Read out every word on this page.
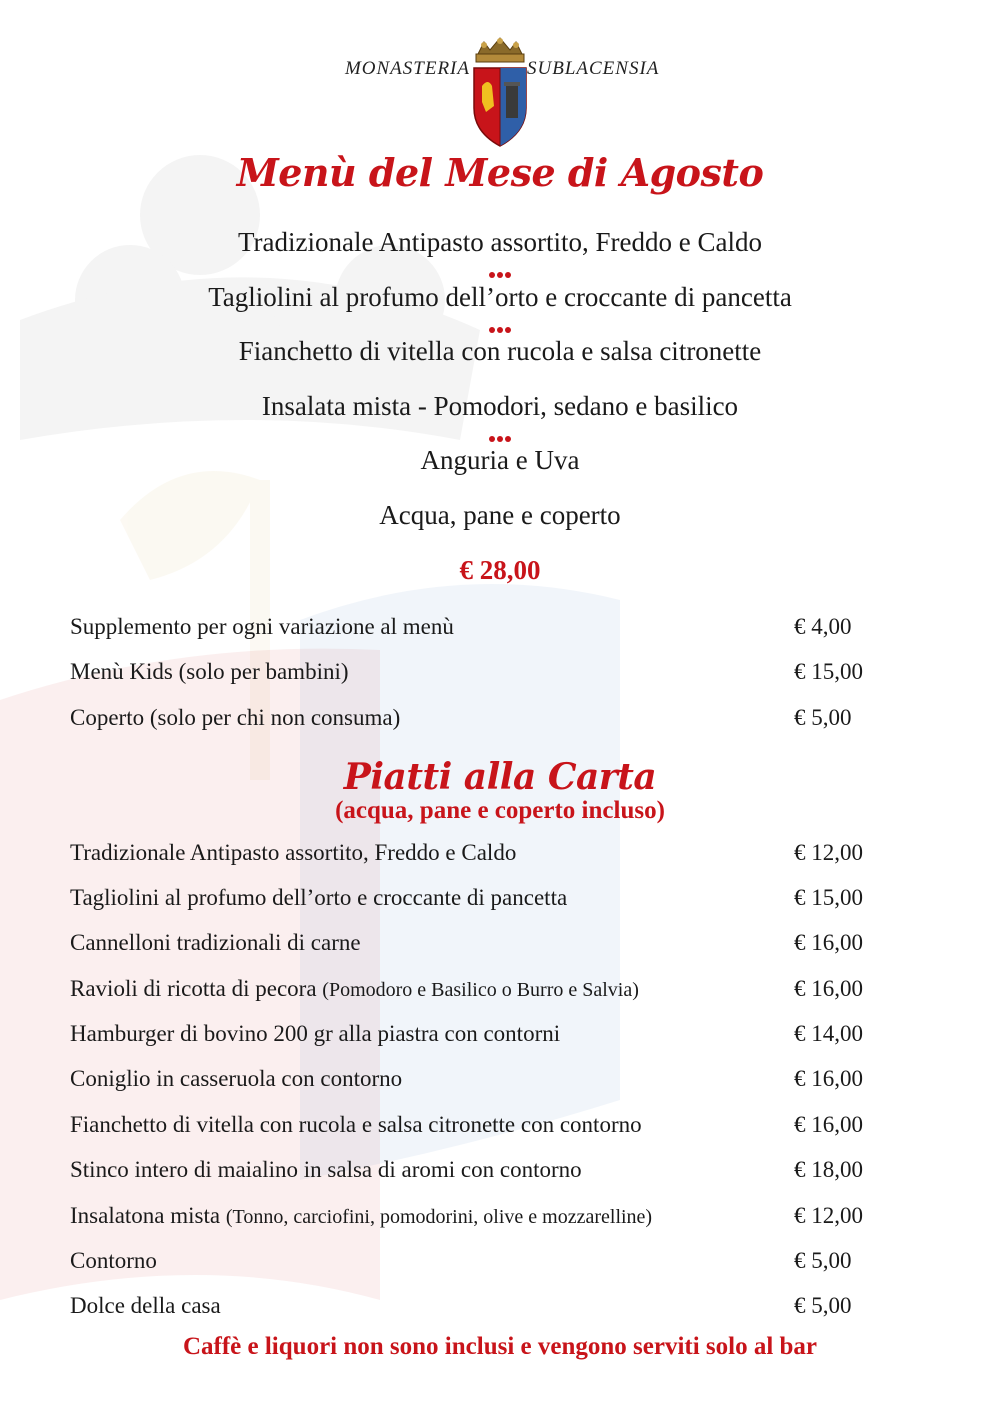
MONASTERIA	SUBLACENSIA
Menù del Mese di Agosto
Tradizionale Antipasto assortito, Freddo e Caldo
Tagliolini al profumo dell’orto e croccante di pancetta
Fianchetto di vitella con rucola e salsa citronette
Insalata mista - Pomodori, sedano e basilico
Anguria e Uva
Acqua, pane e coperto
€ 28,00
Supplemento per ogni variazione al menù	€ 4,00
Menù Kids (solo per bambini)	€ 15,00
Coperto (solo per chi non consuma)	€ 5,00
Piatti alla Carta
(acqua, pane e coperto incluso)
Tradizionale Antipasto assortito, Freddo e Caldo	€ 12,00
Tagliolini al profumo dell’orto e croccante di pancetta	€ 15,00
Cannelloni tradizionali di carne	€ 16,00
Ravioli di ricotta di pecora (Pomodoro e Basilico o Burro e Salvia)	€ 16,00
Hamburger di bovino 200 gr alla piastra con contorni	€ 14,00
Coniglio in casseruola con contorno	€ 16,00
Fianchetto di vitella con rucola e salsa citronette con contorno	€ 16,00
Stinco intero di maialino in salsa di aromi con contorno	€ 18,00
Insalatona mista (Tonno, carciofini, pomodorini, olive e mozzarelline)	€ 12,00
Contorno	€ 5,00
Dolce della casa	€ 5,00
Caffè e liquori non sono inclusi e vengono serviti solo al bar
